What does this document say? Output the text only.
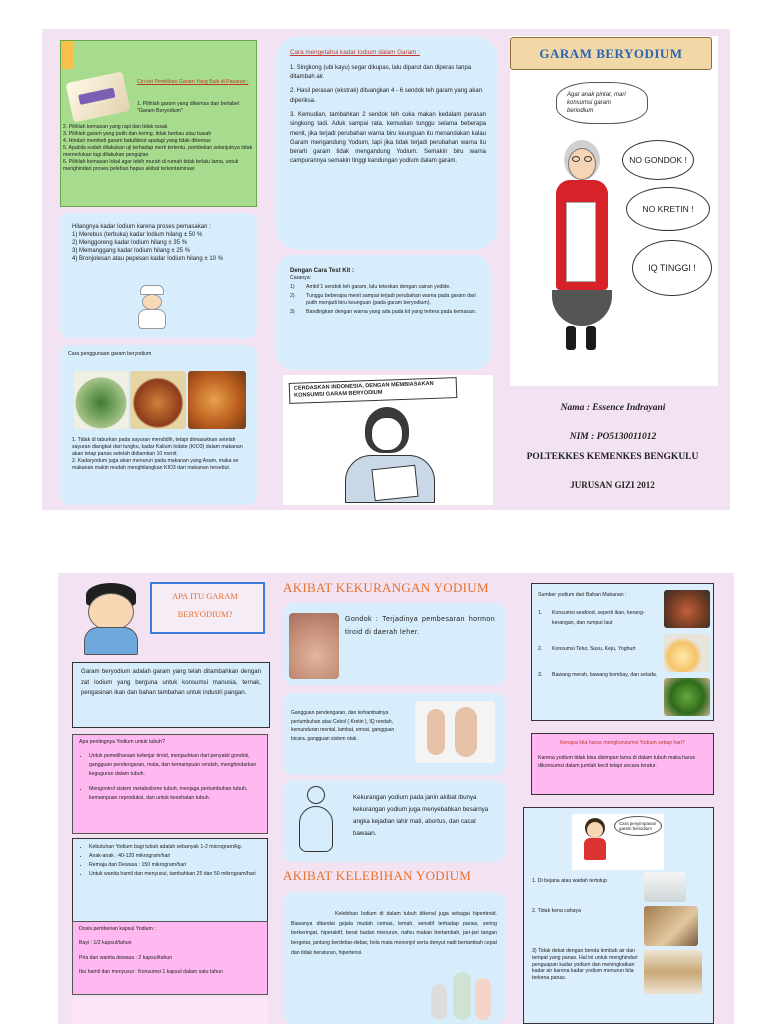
Ciri-ciri Pemilihan Garam Yang Baik di Pasaran :
1. Pilihlah garam yang dikemas dan berlabel "Garam Beryodium"
2. Pilihlah kemasan yang rapi dan tidak rusak
3. Pilihlah garam yang putih dan kering, tidak berbau atau basah
4. Hindari membeli garam batu/bleot apalagi yang tidak dikemas
5. Apabila sudah dilakukan uji terhadap merk tertentu, pembelian selanjutnya tidak memerlukan lagi dilakukan pengujian
6. Pilihlah kemasan lokal agar lebih murah di rumah tidak terlalu lama, untuk menghindari proses peleban hapus akibat terkontaminasi
Hilangnya kadar Iodium karena proses pemasakan :
1) Merebus (terbuka) kadar Iodium hilang ± 50 %
2) Menggoreng kadar Iodium hilang ± 35 %
3) Memanggang kadar Iodium hilang ± 25 %
4) Bronjolesan atau pepesan kadar Iodium hilang ± 10 %
Cara penggunaan garam beryodium
1. Tidak di taburkan pada sayuran mendidih, tetapi dimasukkan setelah sayuran diangkat dari tungku, kadar Kalium Iodate (KIO3) dalam makanan akan tetap panas setelah didiamkan 10 menit.
2. Kadaryodum juga akan menurun pada makanan yang Asam, maka se makanan makin mudah menghilangkan KIO3 dari makanan tersebut.
Cara mengetahui kadar Iodium dalam Garam :
1. Singkong (ubi kayu) segar dikupas, lalu diparut dan diperas tanpa ditambah air.
2. Hasil perasan (ekstrak) dituangkan 4 - 6 sendok teh garam yang akan diperiksa.
3. Kemudian, tambahkan 2 sendok teh cuka makan kedalam perasan singkong tadi. Aduk sampai rata, kemudian tunggu selama beberapa menit, jika terjadi perubahan warna biru keunguan itu menandakan kalau Garam mengandung Yodium, tapi jika tidak terjadi perubahan warna itu berarti garam tidak mengandung Yodium. Semakin biru warna campurannya semakin tinggi kandungan yodium dalam garam.
Dengan Cara Test Kit :
Caranya:
1)	Ambil 1 sendok teh garam, lalu teteskan dengan cairan yodide.
2)	Tunggu beberapa menit sampai terjadi perubahan warna pada garam dari putih menjadi biru keunguan (pada garam beryodium).
3)	Bandingkan dengan warna yang ada pada kit yang tertera pada kemasan.
CERDASKAN INDONESIA, DENGAN MEMBIASAKAN KONSUMSI GARAM BERYODIUM
GARAM BERYODIUM
Agar anak pintar, mari konsumsi garam beriodium
NO GONDOK !
NO KRETIN !
IQ TINGGI !
Nama : Essence Indrayani
NIM : PO5130011012
POLTEKKES KEMENKES BENGKULU
JURUSAN GIZI 2012
APA ITU GARAM BERYODIUM?
Garam beryodium adalah garam yang telah ditambahkan dengan zat Iodium yang berguna untuk konsumsi manusia, ternak, pengasinan ikan dan bahan tambahan untuk industri pangan.
Apa pentingnya Yodium untuk tubuh?
• Untuk pemeliharaan kelenjar tiroid, menjauhkan dari penyakit gondok, gangguan pendengaran, mata, dan kemampuan rendah, menghindarkan keguguran dalam tubuh.
• Mengontrol sistem metabolisme tubuh, menjaga pertumbuhan tubuh, kemampuan reproduksi, dan untuk kesehatan tubuh.
• Kebutuhan Yodium bagi tubuh adalah sebanyak 1-2 microgram/kg.
• Anak-anak : 40-120 mikrogram/hari
• Remaja dan Dewasa : 150 mikrogram/hari
• Untuk wanita hamil dan menyusui, tambahkan 25 dan 50 mikrogram/hari
Dosis pemberian kapsul Yodium :
Bayi : 1/2 kapsul/tahun
Pria dan wanita dewasa : 2 kapsul/tahun
Ibu hamil dan menyusui : Konsumsi 1 kapsul dalam satu tahun
AKIBAT KEKURANGAN YODIUM
Gondok : Terjadinya pembesaran hormon tiroid di daerah leher.
Gangguan pendengaran, dan terhambatnya pertumbuhan atau Cebol ( Kretin ), IQ rendah, kemunduran mental, lambat, emosi, gangguan bicara, gangguan sistem otak.
Kekurangan yodium pada janin akibat ibunya kekurangan yodium juga menyebabkan besarnya angka kejadian lahir mati, abortus, dan cacat bawaan.
AKIBAT KELEBIHAN YODIUM
Kelebihan Iodium di dalam tubuh dikenal juga sebagai hipertiroid. Biasanya ditandai gejala mudah cemas, lemah, sensitif terhadap panas, sering berkeringat, hiperaktif, berat badan menurun, nafsu makan bertambah, jari-jari tangan bergetar, jantung berdebar-debar, bola mata menonjol serta denyut nadi bertambah cepat dan tidak beraturan, hipertensi.
Sumber yodium dari Bahan Makanan :
1.	Konsumsi seafood, seperti ikan, kerang-kerangan, dan rumput laut
2.	Konsumsi Telur, Susu, Keju, Yoghurt
3.	Bawang merah, bawang bombay, dan selada.
Kenapa kita harus mengkonsumsi Yodium setiap hari?
Karena yodium tidak bisa disimpan lama di dalam tubuh maka harus dikonsumsi dalam jumlah kecil tetapi secara teratur.
Cara penyimpanan garam beriodium
1. Di bejana atau wadah tertutup
2. Tidak kena cahaya
3) Tidak dekat dengan benda lembab air dan tempat yang panas. Hal ini untuk menghindari penguapan kadar yodium dan meningkatkan kadar air karena kadar yodium menurun bila terkena panas.
